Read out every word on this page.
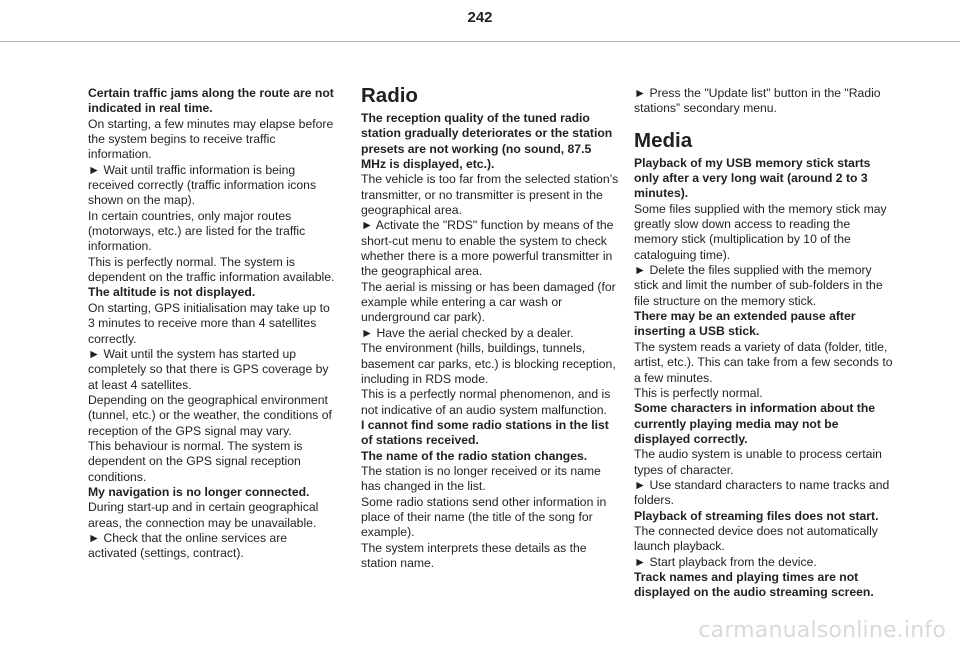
242

Certain traffic jams along the route are not indicated in real time.

On starting, a few minutes may elapse before the system begins to receive traffic information.

► Wait until traffic information is being received correctly (traffic information icons shown on the map).

In certain countries, only major routes (motorways, etc.) are listed for the traffic information.

This is perfectly normal. The system is dependent on the traffic information available.

The altitude is not displayed.

On starting, GPS initialisation may take up to 3 minutes to receive more than 4 satellites correctly.

► Wait until the system has started up completely so that there is GPS coverage by at least 4 satellites.

Depending on the geographical environment (tunnel, etc.) or the weather, the conditions of reception of the GPS signal may vary.

This behaviour is normal. The system is dependent on the GPS signal reception conditions.

My navigation is no longer connected.

During start-up and in certain geographical areas, the connection may be unavailable.

► Check that the online services are activated (settings, contract).

Radio

The reception quality of the tuned radio station gradually deteriorates or the station presets are not working (no sound, 87.5 MHz is displayed, etc.).

The vehicle is too far from the selected station’s transmitter, or no transmitter is present in the geographical area.

► Activate the "RDS" function by means of the short-cut menu to enable the system to check whether there is a more powerful transmitter in the geographical area.

The aerial is missing or has been damaged (for example while entering a car wash or underground car park).

► Have the aerial checked by a dealer.

The environment (hills, buildings, tunnels, basement car parks, etc.) is blocking reception, including in RDS mode.

This is a perfectly normal phenomenon, and is not indicative of an audio system malfunction.

I cannot find some radio stations in the list of stations received.

The name of the radio station changes.

The station is no longer received or its name has changed in the list.

Some radio stations send other information in place of their name (the title of the song for example).

The system interprets these details as the station name.

► Press the "Update list" button in the "Radio stations” secondary menu.

Media

Playback of my USB memory stick starts only after a very long wait (around 2 to 3 minutes).

Some files supplied with the memory stick may greatly slow down access to reading the memory stick (multiplication by 10 of the cataloguing time).

► Delete the files supplied with the memory stick and limit the number of sub-folders in the file structure on the memory stick.

There may be an extended pause after inserting a USB stick.

The system reads a variety of data (folder, title, artist, etc.). This can take from a few seconds to a few minutes.

This is perfectly normal.

Some characters in information about the currently playing media may not be displayed correctly.

The audio system is unable to process certain types of character.

► Use standard characters to name tracks and folders.

Playback of streaming files does not start.

The connected device does not automatically launch playback.

► Start playback from the device.

Track names and playing times are not displayed on the audio streaming screen.

carmanualsonline.info
